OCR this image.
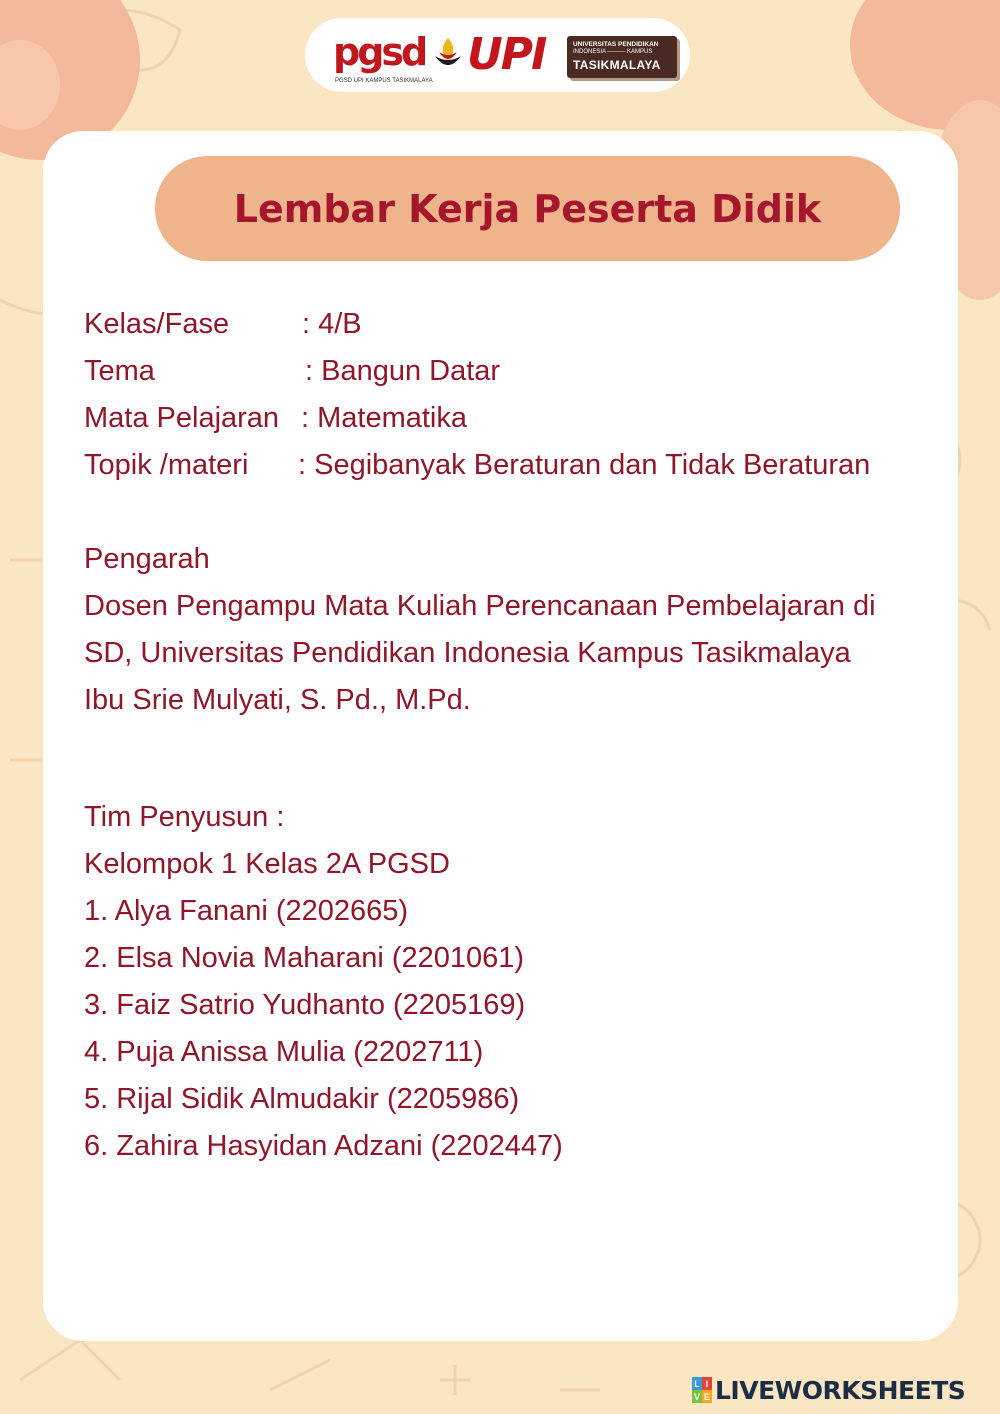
pgsd
PGSD UPI KAMPUS TASIKMALAYA
UPI	UNIVERSITAS PENDIDIKAN
INDONESIA ——— KAMPUS
TASIKMALAYA
Lembar Kerja Peserta Didik
Kelas/Fase	: 4/B
Tema	: Bangun Datar
Mata Pelajaran : Matematika
Topik /materi : Segibanyak Beraturan dan Tidak Beraturan
Pengarah
Dosen Pengampu Mata Kuliah Perencanaan Pembelajaran di
SD, Universitas Pendidikan Indonesia Kampus Tasikmalaya
Ibu Srie Mulyati, S. Pd., M.Pd.
Tim Penyusun :
Kelompok 1 Kelas 2A PGSD
1. Alya Fanani (2202665)
2. Elsa Novia Maharani (2201061)
3. Faiz Satrio Yudhanto (2205169)
4. Puja Anissa Mulia (2202711)
5. Rijal Sidik Almudakir (2205986)
6. Zahira Hasyidan Adzani (2202447)
L I
V E LIVEWORKSHEETS
